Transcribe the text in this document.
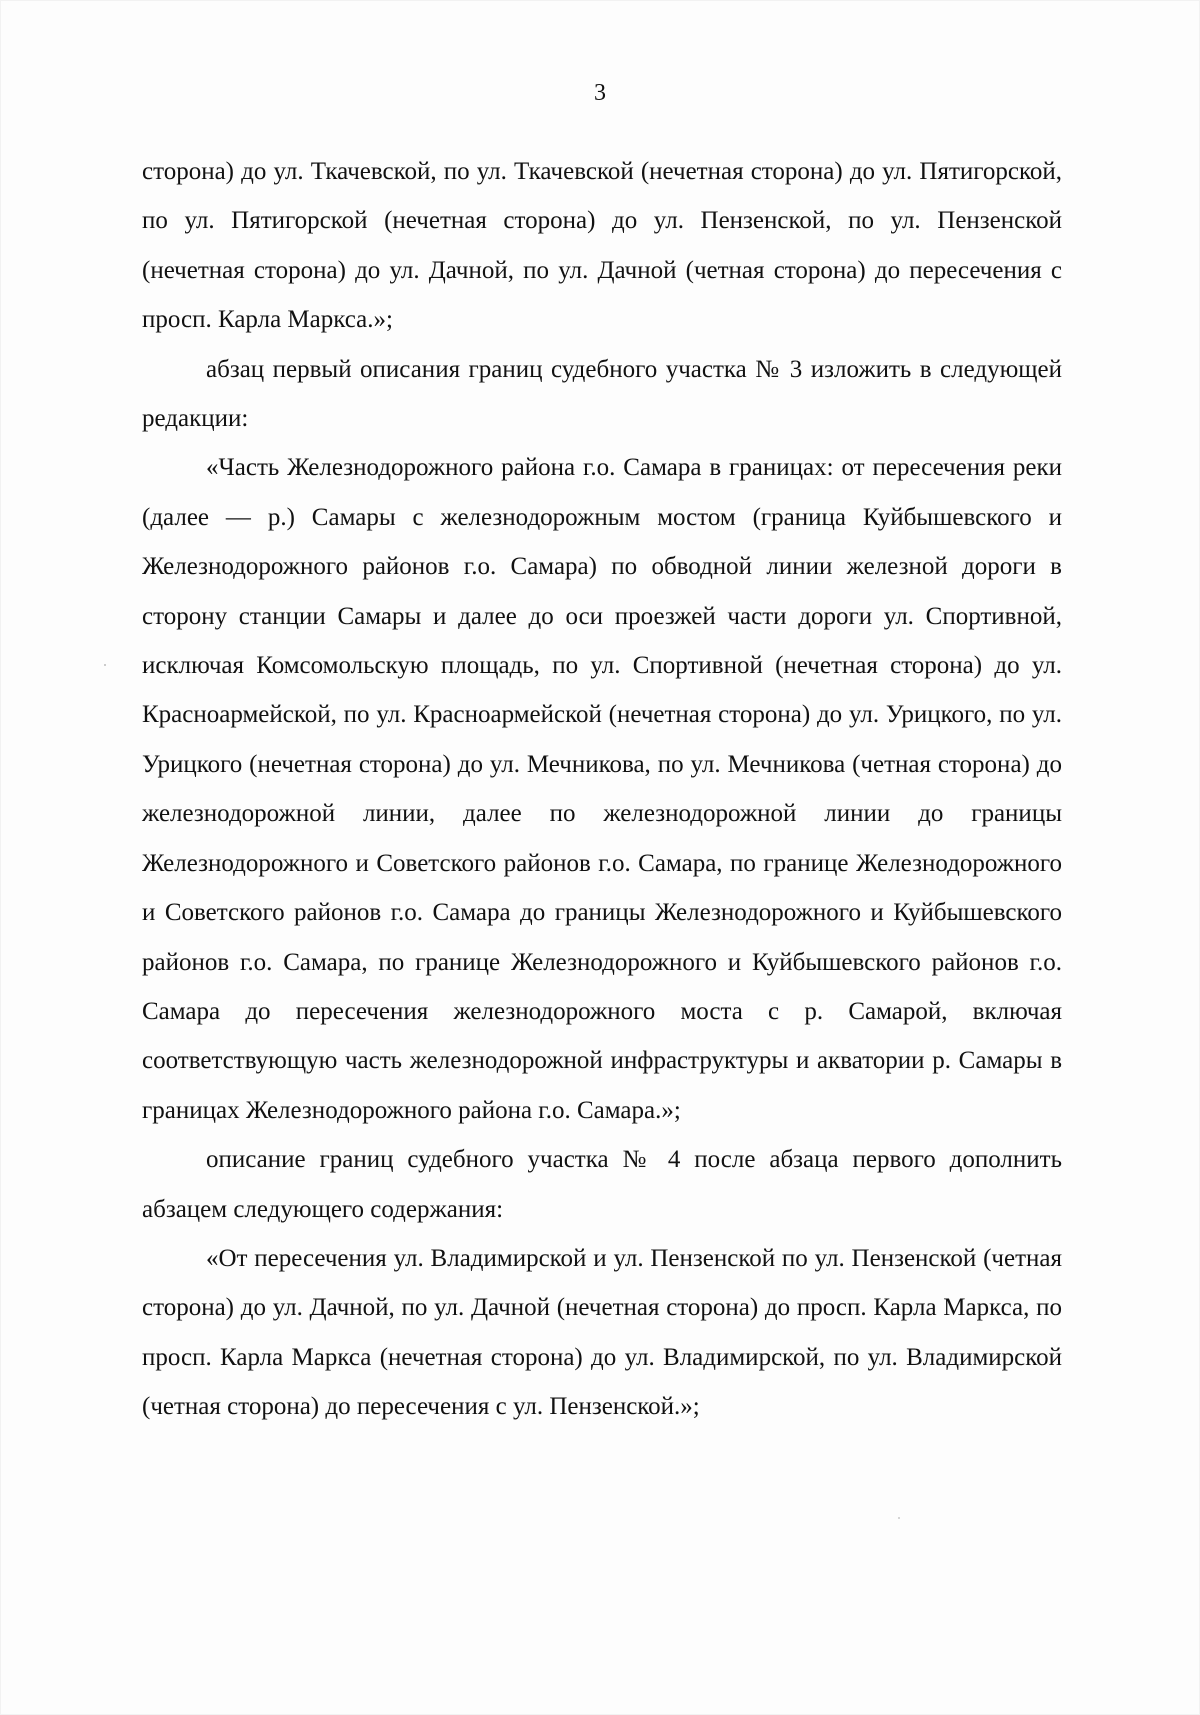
3

сторона) до ул. Ткачевской, по ул. Ткачевской (нечетная сторона) до ул. Пятигорской, по ул. Пятигорской (нечетная сторона) до ул. Пензенской, по ул. Пензенской (нечетная сторона) до ул. Дачной, по ул. Дачной (четная сторона) до пересечения с просп. Карла Маркса.»;

абзац первый описания границ судебного участка № 3 изложить в следующей редакции:

«Часть Железнодорожного района г.о. Самара в границах: от пересечения реки (далее — р.) Самары с железнодорожным мостом (граница Куйбышевского и Железнодорожного районов г.о. Самара) по обводной линии железной дороги в сторону станции Самары и далее до оси проезжей части дороги ул. Спортивной, исключая Комсомольскую площадь, по ул. Спортивной (нечетная сторона) до ул. Красноармейской, по ул. Красноармейской (нечетная сторона) до ул. Урицкого, по ул. Урицкого (нечетная сторона) до ул. Мечникова, по ул. Мечникова (четная сторона) до железнодорожной линии, далее по железнодорожной линии до границы Железнодорожного и Советского районов г.о. Самара, по границе Железнодорожного и Советского районов г.о. Самара до границы Железнодорожного и Куйбышевского районов г.о. Самара, по границе Железнодорожного и Куйбышевского районов г.о. Самара до пересечения железнодорожного моста с р. Самарой, включая соответствующую часть железнодорожной инфраструктуры и акватории р. Самары в границах Железнодорожного района г.о. Самара.»;

описание границ судебного участка № 4 после абзаца первого дополнить абзацем следующего содержания:

«От пересечения ул. Владимирской и ул. Пензенской по ул. Пензенской (четная сторона) до ул. Дачной, по ул. Дачной (нечетная сторона) до просп. Карла Маркса, по просп. Карла Маркса (нечетная сторона) до ул. Владимирской, по ул. Владимирской (четная сторона) до пересечения с ул. Пензенской.»;
